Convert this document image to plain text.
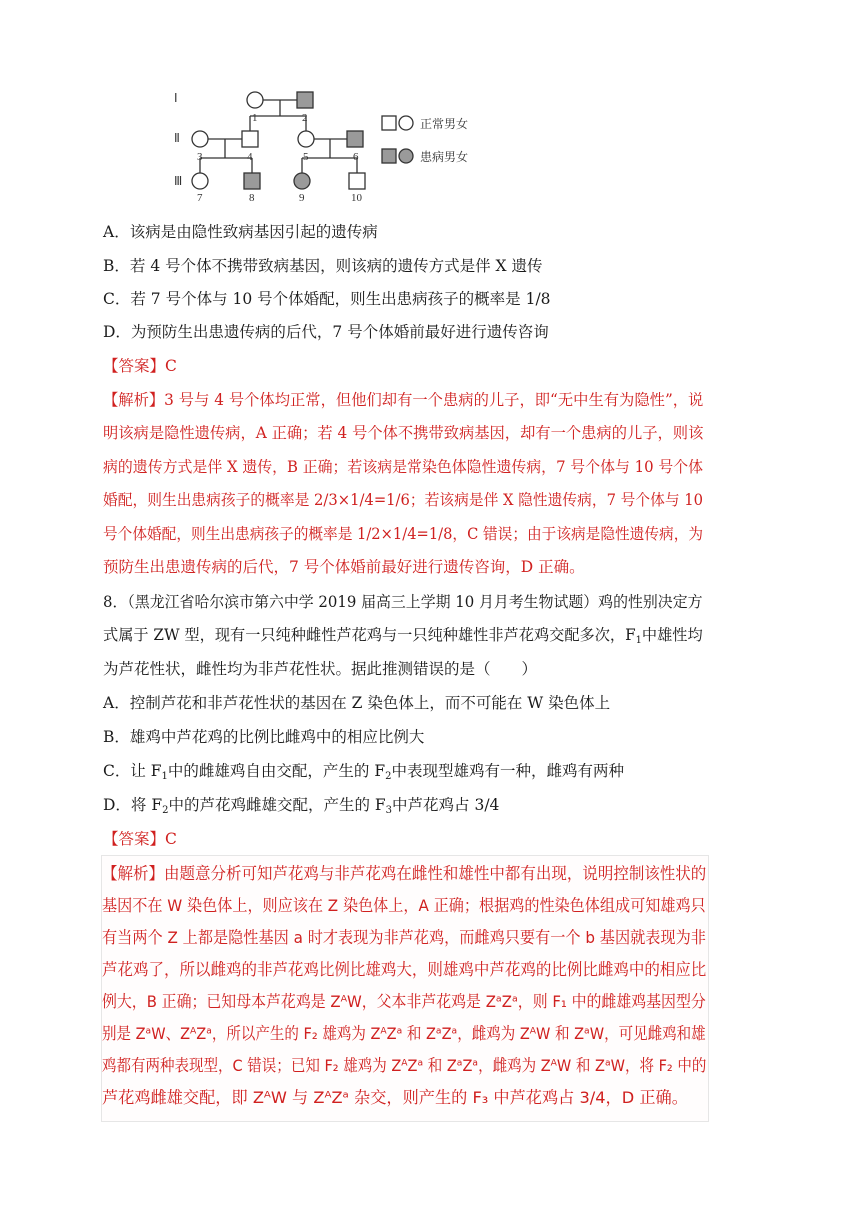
Ⅰ
Ⅱ
Ⅲ
1	2
3	4	5	6
7	8	9	10
正常男女
患病男女
A．该病是由隐性致病基因引起的遗传病
B．若 4 号个体不携带致病基因，则该病的遗传方式是伴 X 遗传
C．若 7 号个体与 10 号个体婚配，则生出患病孩子的概率是 1/8
D．为预防生出患遗传病的后代，7 号个体婚前最好进行遗传咨询
【答案】C
【解析】3 号与 4 号个体均正常，但他们却有一个患病的儿子，即“无中生有为隐性”，说
明该病是隐性遗传病，A 正确；若 4 号个体不携带致病基因，却有一个患病的儿子，则该
病的遗传方式是伴 X 遗传，B 正确；若该病是常染色体隐性遗传病，7 号个体与 10 号个体
婚配，则生出患病孩子的概率是 2/3×1/4=1/6；若该病是伴 X 隐性遗传病，7 号个体与 10
号个体婚配，则生出患病孩子的概率是 1/2×1/4=1/8，C 错误；由于该病是隐性遗传病，为
预防生出患遗传病的后代，7 号个体婚前最好进行遗传咨询，D 正确。
8．（黑龙江省哈尔滨市第六中学 2019 届高三上学期 10 月月考生物试题）鸡的性别决定方
式属于 ZW 型，现有一只纯种雌性芦花鸡与一只纯种雄性非芦花鸡交配多次，$F_1$中雄性均
为芦花性状，雌性均为非芦花性状。据此推测错误的是（　　）
A．控制芦花和非芦花性状的基因在 Z 染色体上，而不可能在 W 染色体上
B．雄鸡中芦花鸡的比例比雌鸡中的相应比例大
C．让 $F_1$中的雌雄鸡自由交配，产生的 $F_2$中表现型雄鸡有一种，雌鸡有两种
D．将 $F_2$中的芦花鸡雌雄交配，产生的 $F_3$中芦花鸡占 3/4
【答案】C
【解析】由题意分析可知芦花鸡与非芦花鸡在雌性和雄性中都有出现，说明控制该性状的
基因不在 W 染色体上，则应该在 Z 染色体上，A 正确；根据鸡的性染色体组成可知雄鸡只
有当两个 Z 上都是隐性基因 a 时才表现为非芦花鸡，而雌鸡只要有一个 b 基因就表现为非
芦花鸡了，所以雌鸡的非芦花鸡比例比雄鸡大，则雄鸡中芦花鸡的比例比雌鸡中的相应比
例大，B 正确；已知母本芦花鸡是 ZᴬW，父本非芦花鸡是 ZᵃZᵃ，则 F₁ 中的雌雄鸡基因型分
别是 ZᵃW、ZᴬZᵃ，所以产生的 F₂ 雄鸡为 ZᴬZᵃ 和 ZᵃZᵃ，雌鸡为 ZᴬW 和 ZᵃW，可见雌鸡和雄
鸡都有两种表现型，C 错误；已知 F₂ 雄鸡为 ZᴬZᵃ 和 ZᵃZᵃ，雌鸡为 ZᴬW 和 ZᵃW，将 F₂ 中的
芦花鸡雌雄交配，即 ZᴬW 与 ZᴬZᵃ 杂交，则产生的 F₃ 中芦花鸡占 3/4，D 正确。
